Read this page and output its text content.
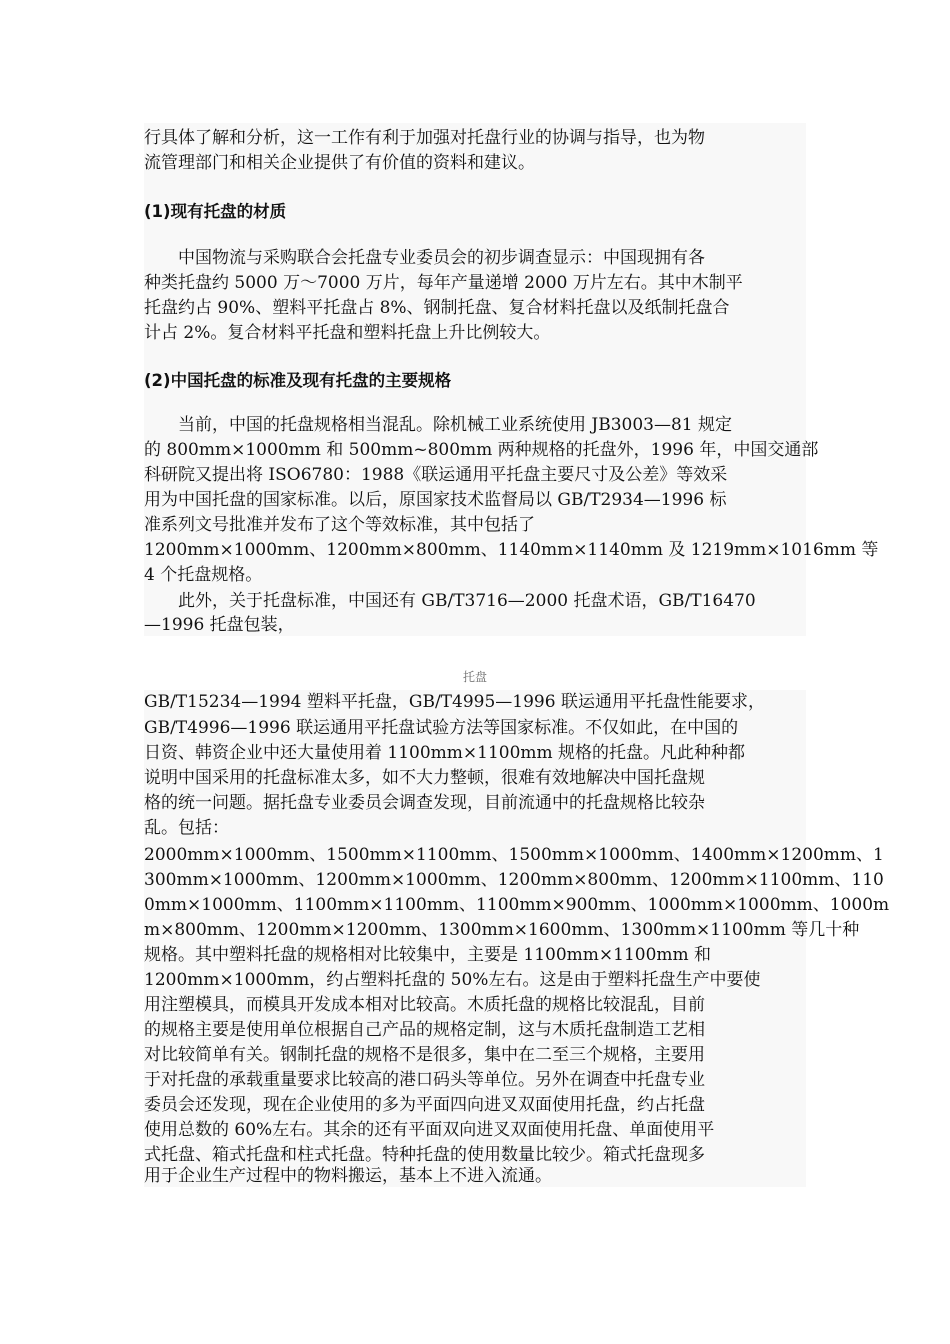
行具体了解和分析，这一工作有利于加强对托盘行业的协调与指导，也为物
流管理部门和相关企业提供了有价值的资料和建议。
(1)现有托盘的材质
　　中国物流与采购联合会托盘专业委员会的初步调查显示：中国现拥有各
种类托盘约 5000 万～7000 万片，每年产量递增 2000 万片左右。其中木制平
托盘约占 90%、塑料平托盘占 8%、钢制托盘、复合材料托盘以及纸制托盘合
计占 2%。复合材料平托盘和塑料托盘上升比例较大。
(2)中国托盘的标准及现有托盘的主要规格
　　当前，中国的托盘规格相当混乱。除机械工业系统使用 JB3003—81 规定
的 800mm×1000mm 和 500mm~800mm 两种规格的托盘外，1996 年，中国交通部
科研院又提出将 ISO6780：1988《联运通用平托盘主要尺寸及公差》等效采
用为中国托盘的国家标准。以后，原国家技术监督局以 GB/T2934—1996 标
准系列文号批准并发布了这个等效标准，其中包括了
1200mm×1000mm、1200mm×800mm、1140mm×1140mm 及 1219mm×1016mm 等
4 个托盘规格。
　　此外，关于托盘标准，中国还有 GB/T3716—2000 托盘术语，GB/T16470
—1996 托盘包装，
托盘
GB/T15234—1994 塑料平托盘，GB/T4995—1996 联运通用平托盘性能要求，
GB/T4996—1996 联运通用平托盘试验方法等国家标准。不仅如此，在中国的
日资、韩资企业中还大量使用着 1100mm×1100mm 规格的托盘。凡此种种都
说明中国采用的托盘标准太多，如不大力整顿，很难有效地解决中国托盘规
格的统一问题。据托盘专业委员会调查发现，目前流通中的托盘规格比较杂
乱。包括：
2000mm×1000mm、1500mm×1100mm、1500mm×1000mm、1400mm×1200mm、1
300mm×1000mm、1200mm×1000mm、1200mm×800mm、1200mm×1100mm、110
0mm×1000mm、1100mm×1100mm、1100mm×900mm、1000mm×1000mm、1000m
m×800mm、1200mm×1200mm、1300mm×1600mm、1300mm×1100mm 等几十种
规格。其中塑料托盘的规格相对比较集中，主要是 1100mm×1100mm 和
1200mm×1000mm，约占塑料托盘的 50%左右。这是由于塑料托盘生产中要使
用注塑模具，而模具开发成本相对比较高。木质托盘的规格比较混乱，目前
的规格主要是使用单位根据自己产品的规格定制，这与木质托盘制造工艺相
对比较简单有关。钢制托盘的规格不是很多，集中在二至三个规格，主要用
于对托盘的承载重量要求比较高的港口码头等单位。另外在调查中托盘专业
委员会还发现，现在企业使用的多为平面四向进叉双面使用托盘，约占托盘
使用总数的 60%左右。其余的还有平面双向进叉双面使用托盘、单面使用平
式托盘、箱式托盘和柱式托盘。特种托盘的使用数量比较少。箱式托盘现多
用于企业生产过程中的物料搬运，基本上不进入流通。
